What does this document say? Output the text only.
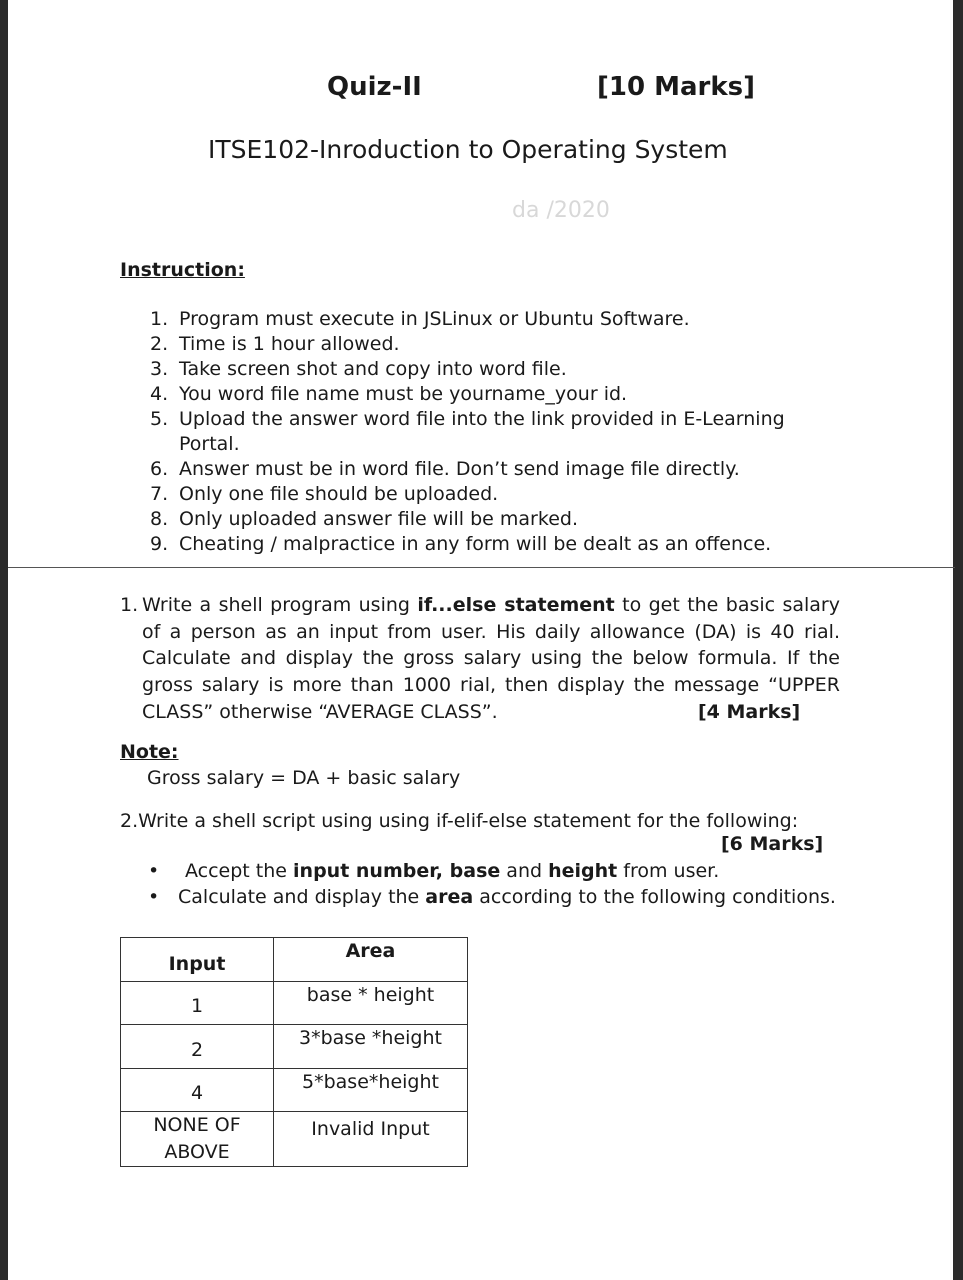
Quiz-II	[10 Marks]
ITSE102-Inroduction to Operating System
da /2020
Instruction:
1. Program must execute in JSLinux or Ubuntu Software.
2. Time is 1 hour allowed.
3. Take screen shot and copy into word file.
4. You word file name must be yourname_your id.
5. Upload the answer word file into the link provided in E-Learning
Portal.
6. Answer must be in word file. Don’t send image file directly.
7. Only one file should be uploaded.
8. Only uploaded answer file will be marked.
9. Cheating / malpractice in any form will be dealt as an offence.
1. Write a shell program using if...else statement to get the basic salary of a person as an input from user. His daily allowance (DA) is 40 rial. Calculate and display the gross salary using the below formula. If the gross salary is more than 1000 rial, then display the message “UPPER CLASS” otherwise “AVERAGE CLASS”.	[4 Marks]
Note:
Gross salary = DA + basic salary
2.Write a shell script using using if-elif-else statement for the following:
[6 Marks]
• Accept the input number, base and height from user.
• Calculate and display the area according to the following conditions.
Input	Area
1	base * height
2	3*base *height
4	5*base*height
NONE OF
ABOVE	Invalid Input
